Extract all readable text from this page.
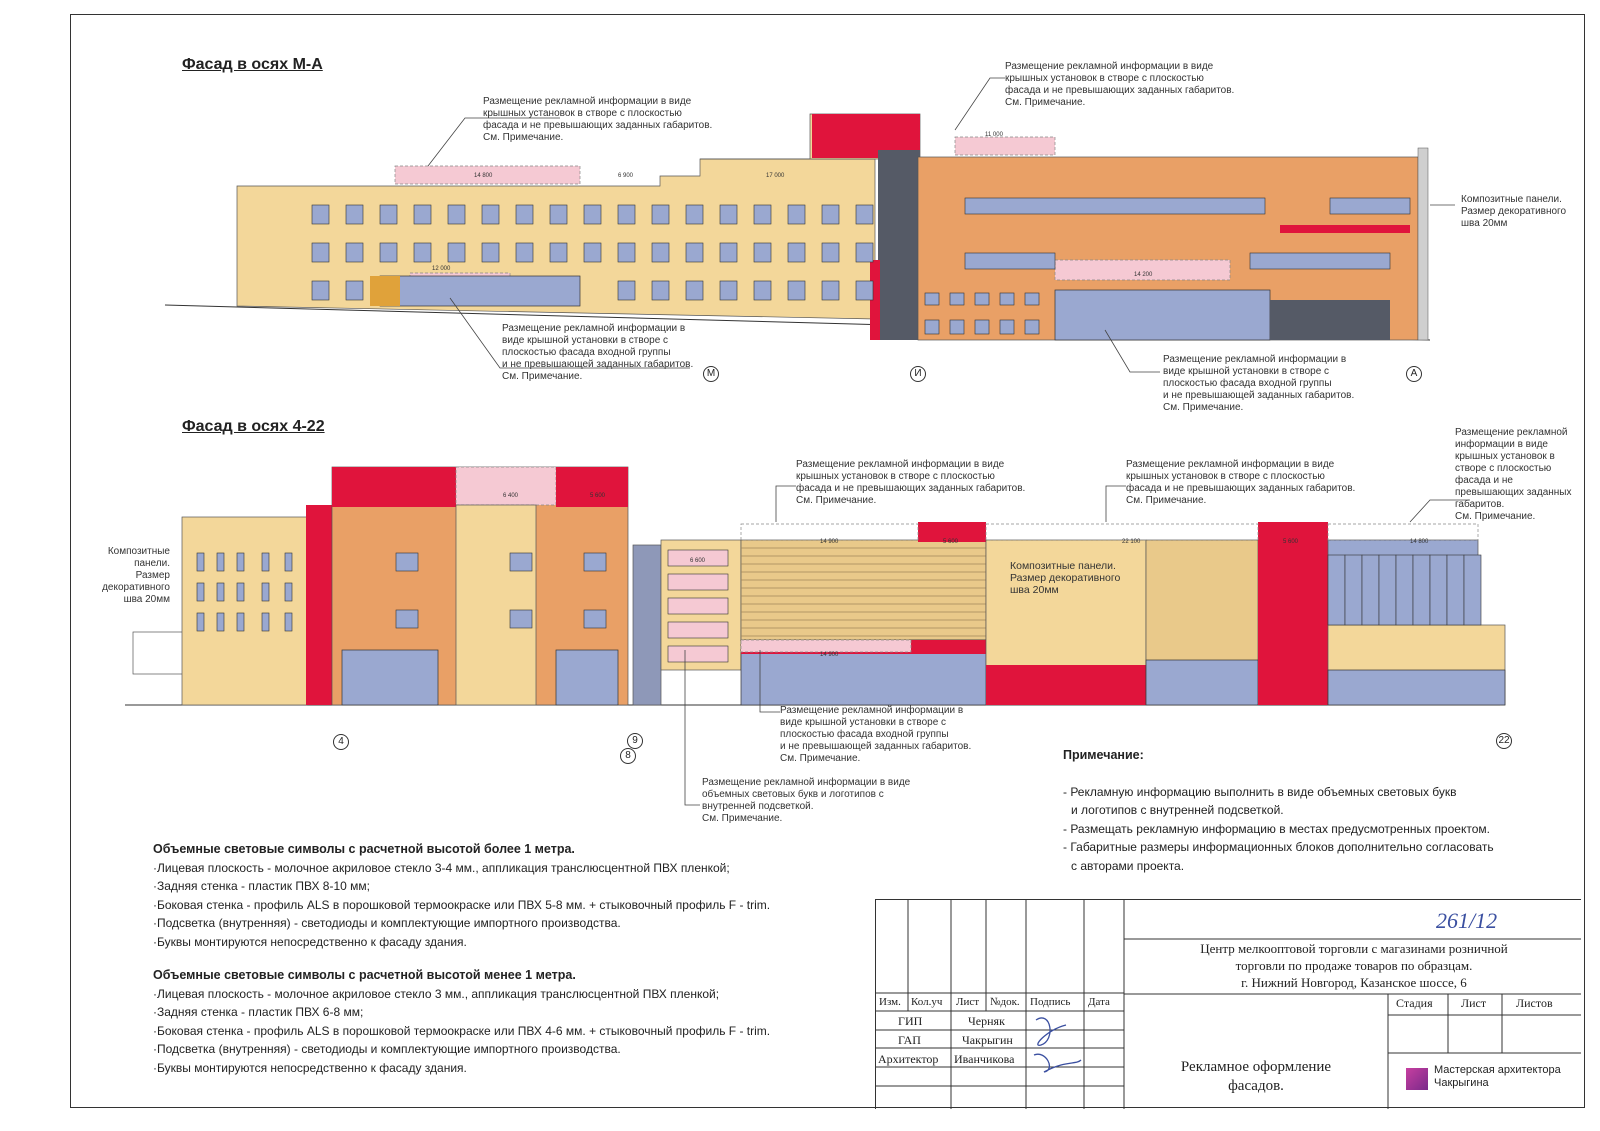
Фасад в осях М-А
Фасад в осях 4-22
Размещение рекламной информации в виде
крышных установок в створе с плоскостью
фасада и не превышающих заданных габаритов.
См. Примечание.
Размещение рекламной информации в виде
крышных установок в створе с плоскостью
фасада и не превышающих заданных габаритов.
См. Примечание.
Размещение рекламной информации в
виде крышной установки в створе с
плоскостью фасада входной группы
и не превышающей заданных габаритов.
См. Примечание.
Размещение рекламной информации в
виде крышной установки в створе с
плоскостью фасада входной группы
и не превышающей заданных габаритов.
См. Примечание.
Композитные панели.
Размер декоративного
шва 20мм
Композитные
панели.
Размер
декоративного
шва 20мм
Композитные панели.
Размер декоративного
шва 20мм
Размещение рекламной информации в виде
крышных установок в створе с плоскостью
фасада и не превышающих заданных габаритов.
См. Примечание.
Размещение рекламной информации в виде
крышных установок в створе с плоскостью
фасада и не превышающих заданных габаритов.
См. Примечание.
Размещение рекламной
информации в виде
крышных установок в
створе с плоскостью
фасада и не
превышающих заданных
габаритов.
См. Примечание.
Размещение рекламной информации в
виде крышной установки в створе с
плоскостью фасада входной группы
и не превышающей заданных габаритов.
См. Примечание.
Размещение рекламной информации в виде
объемных световых букв и логотипов с
внутренней подсветкой.
См. Примечание.
М	И	А
4
8
9	22
14 800	6 900	17 000
11 000
12 000
14 200
6 400	5 600
14 900	22 100	14 800
14 900
5 600	5 600
6 600
Примечание:
- Рекламную информацию выполнить в виде объемных световых букв
и логотипов с внутренней подсветкой.
- Размещать рекламную информацию в местах предусмотренных проектом.
- Габаритные размеры информационных блоков дополнительно согласовать
с авторами проекта.
Объемные световые символы с расчетной высотой более 1 метра.
·Лицевая плоскость - молочное акриловое стекло 3-4 мм., аппликация транслюсцентной ПВХ пленкой;
·Задняя стенка - пластик ПВХ 8-10 мм;
·Боковая стенка - профиль ALS в порошковой термоокраске или ПВХ 5-8 мм. + стыковочный профиль F - trim.
·Подсветка (внутренняя) - светодиоды и комплектующие импортного производства.
·Буквы монтируются непосредственно к фасаду здания.
Объемные световые символы с расчетной высотой менее 1 метра.
·Лицевая плоскость - молочное акриловое стекло 3 мм., аппликация транслюсцентной ПВХ пленкой;
·Задняя стенка - пластик ПВХ 6-8 мм;
·Боковая стенка - профиль ALS в порошковой термоокраске или ПВХ 4-6 мм. + стыковочный профиль F - trim.
·Подсветка (внутренняя) - светодиоды и комплектующие импортного производства.
·Буквы монтируются непосредственно к фасаду здания.
261/12
Центр мелкооптовой торговли с магазинами розничной
торговли по продаже товаров по образцам.
г. Нижний Новгород, Казанское шоссе, 6
Изм. Кол.уч Лист №док. Подпись Дата
ГИП	Черняк
ГАП	Чакрыгин
Архитектор Иванчикова
Стадия Лист Листов
Рекламное оформление
фасадов.
Мастерская архитектора
Чакрыгина
